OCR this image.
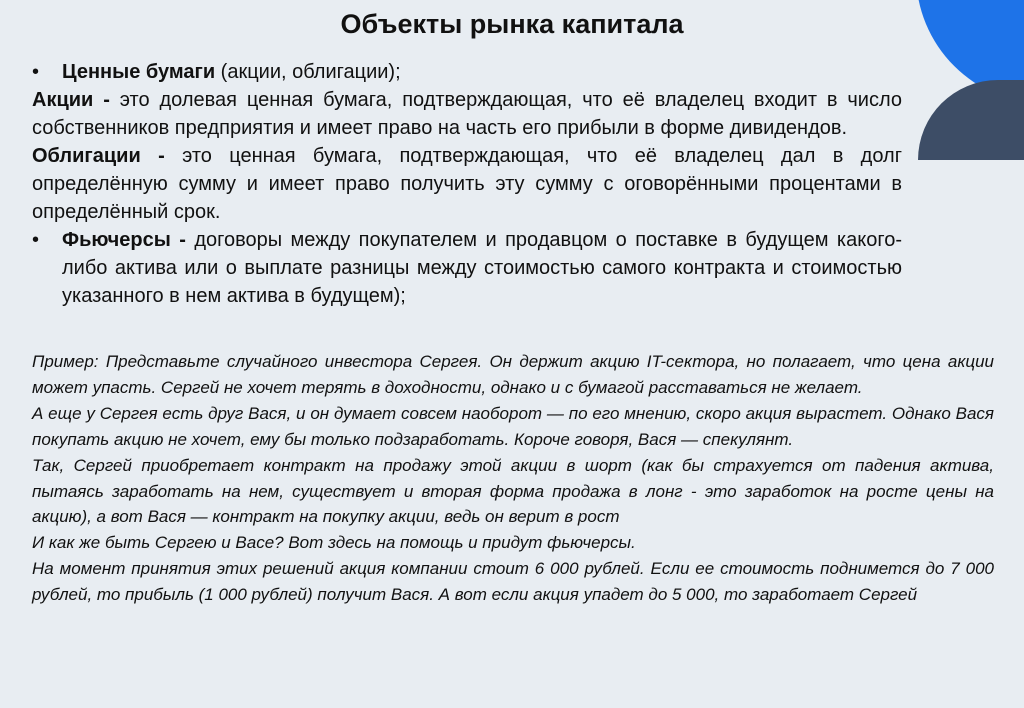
Объекты рынка капитала
•	Ценные бумаги (акции, облигации);

Акции - это долевая ценная бумага, подтверждающая, что её владелец входит в число собственников предприятия и имеет право на часть его прибыли в форме дивидендов.

Облигации - это ценная бумага, подтверждающая, что её владелец дал в долг определённую сумму и имеет право получить эту сумму с оговорёнными процентами в определённый срок.

•	Фьючерсы - договоры между покупателем и продавцом о поставке в будущем какого-либо актива или о выплате разницы между стоимостью самого контракта и стоимостью указанного в нем актива в будущем);

Пример: Представьте случайного инвестора Сергея. Он держит акцию IT-сектора, но полагает, что цена акции может упасть. Сергей не хочет терять в доходности, однако и с бумагой расставаться не желает.

А еще у Сергея есть друг Вася, и он думает совсем наоборот — по его мнению, скоро акция вырастет. Однако Вася покупать акцию не хочет, ему бы только подзаработать. Короче говоря, Вася — спекулянт.

Так, Сергей приобретает контракт на продажу этой акции в шорт (как бы страхуется от падения актива, пытаясь заработать на нем, существует и вторая форма продажа в лонг - это заработок на росте цены на акцию), а вот Вася — контракт на покупку акции, ведь он верит в рост

И как же быть Сергею и Васе? Вот здесь на помощь и придут фьючерсы.

На момент принятия этих решений акция компании стоит 6 000 рублей. Если ее стоимость поднимется до 7 000 рублей, то прибыль (1 000 рублей) получит Вася. А вот если акция упадет до 5 000, то заработает Сергей
